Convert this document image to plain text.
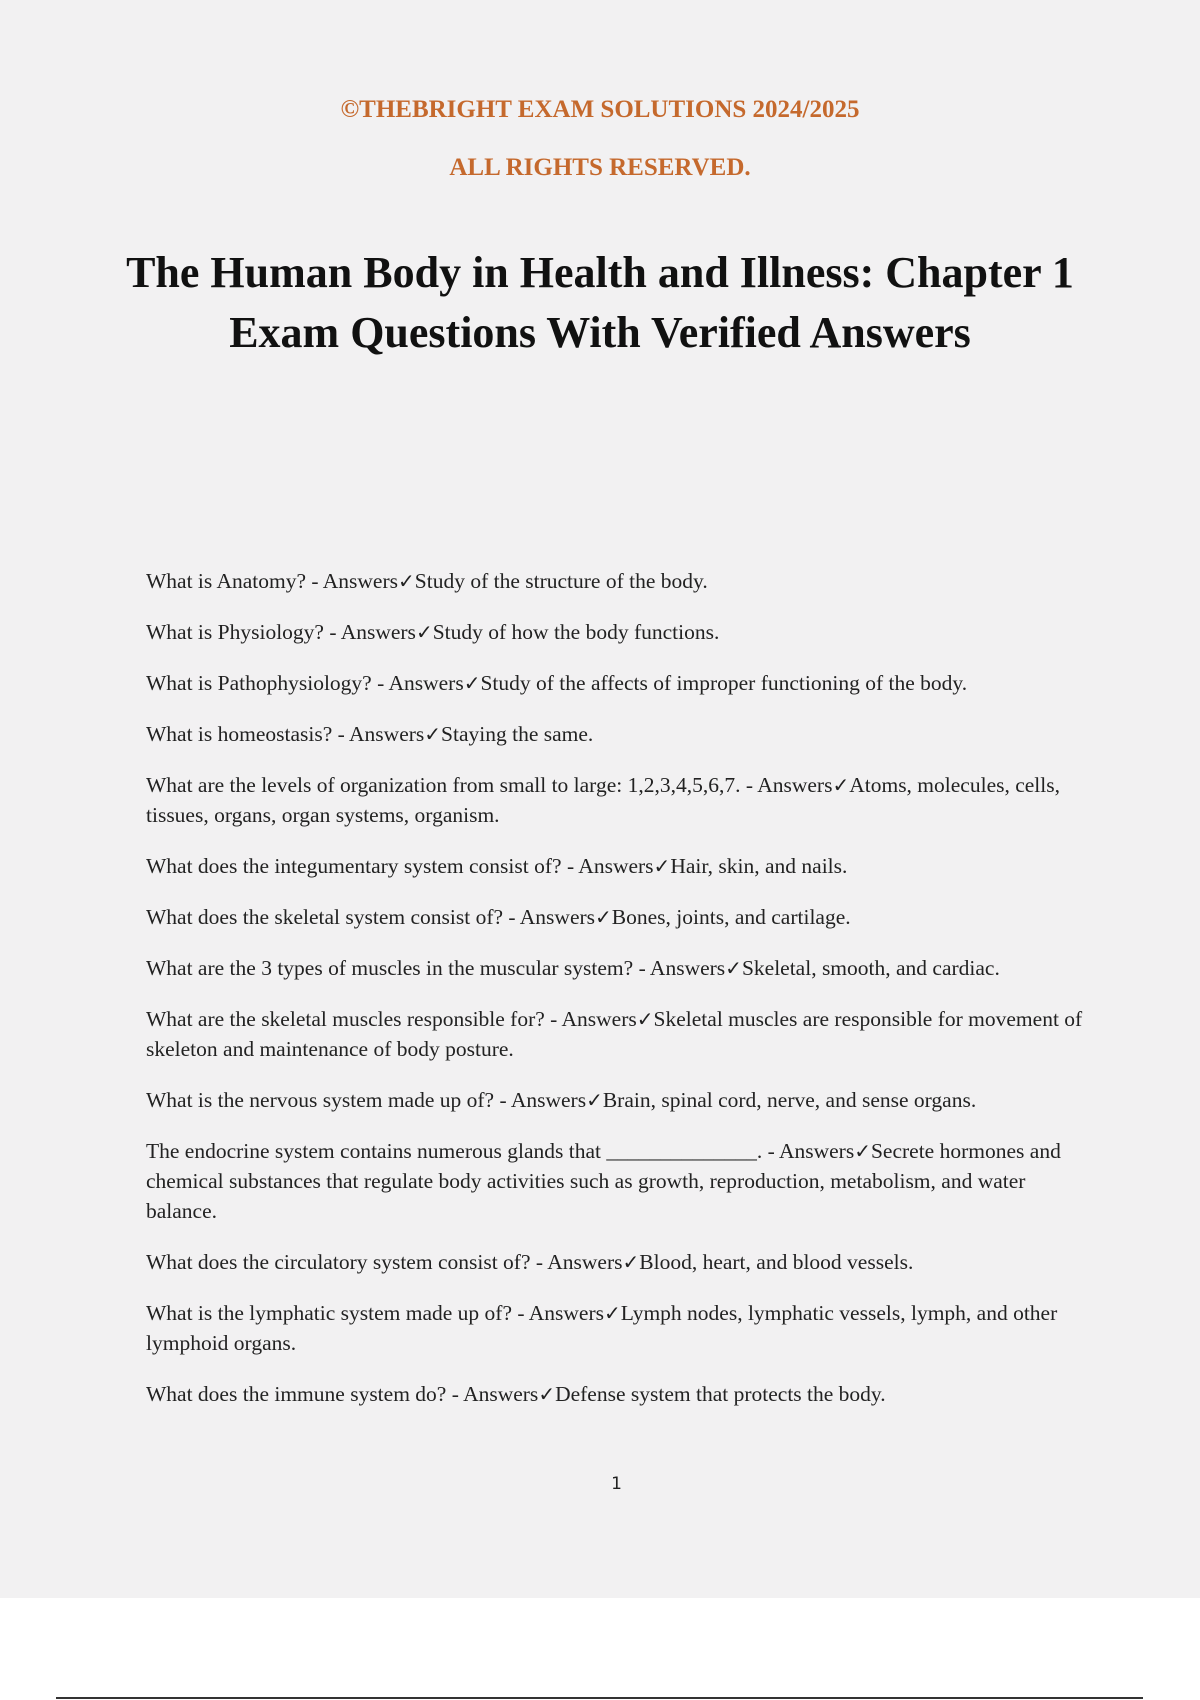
©THEBRIGHT EXAM SOLUTIONS 2024/2025
ALL RIGHTS RESERVED.
The Human Body in Health and Illness: Chapter 1 Exam Questions With Verified Answers

What is Anatomy? - Answers✓Study of the structure of the body.

What is Physiology? - Answers✓Study of how the body functions.

What is Pathophysiology? - Answers✓Study of the affects of improper functioning of the body.

What is homeostasis? - Answers✓Staying the same.

What are the levels of organization from small to large: 1,2,3,4,5,6,7. - Answers✓Atoms, molecules, cells, tissues, organs, organ systems, organism.

What does the integumentary system consist of? - Answers✓Hair, skin, and nails.

What does the skeletal system consist of? - Answers✓Bones, joints, and cartilage.

What are the 3 types of muscles in the muscular system? - Answers✓Skeletal, smooth, and cardiac.

What are the skeletal muscles responsible for? - Answers✓Skeletal muscles are responsible for movement of skeleton and maintenance of body posture.

What is the nervous system made up of? - Answers✓Brain, spinal cord, nerve, and sense organs.

The endocrine system contains numerous glands that ______________. - Answers✓Secrete hormones and chemical substances that regulate body activities such as growth, reproduction, metabolism, and water balance.

What does the circulatory system consist of? - Answers✓Blood, heart, and blood vessels.

What is the lymphatic system made up of? - Answers✓Lymph nodes, lymphatic vessels, lymph, and other lymphoid organs.

What does the immune system do? - Answers✓Defense system that protects the body.

1
